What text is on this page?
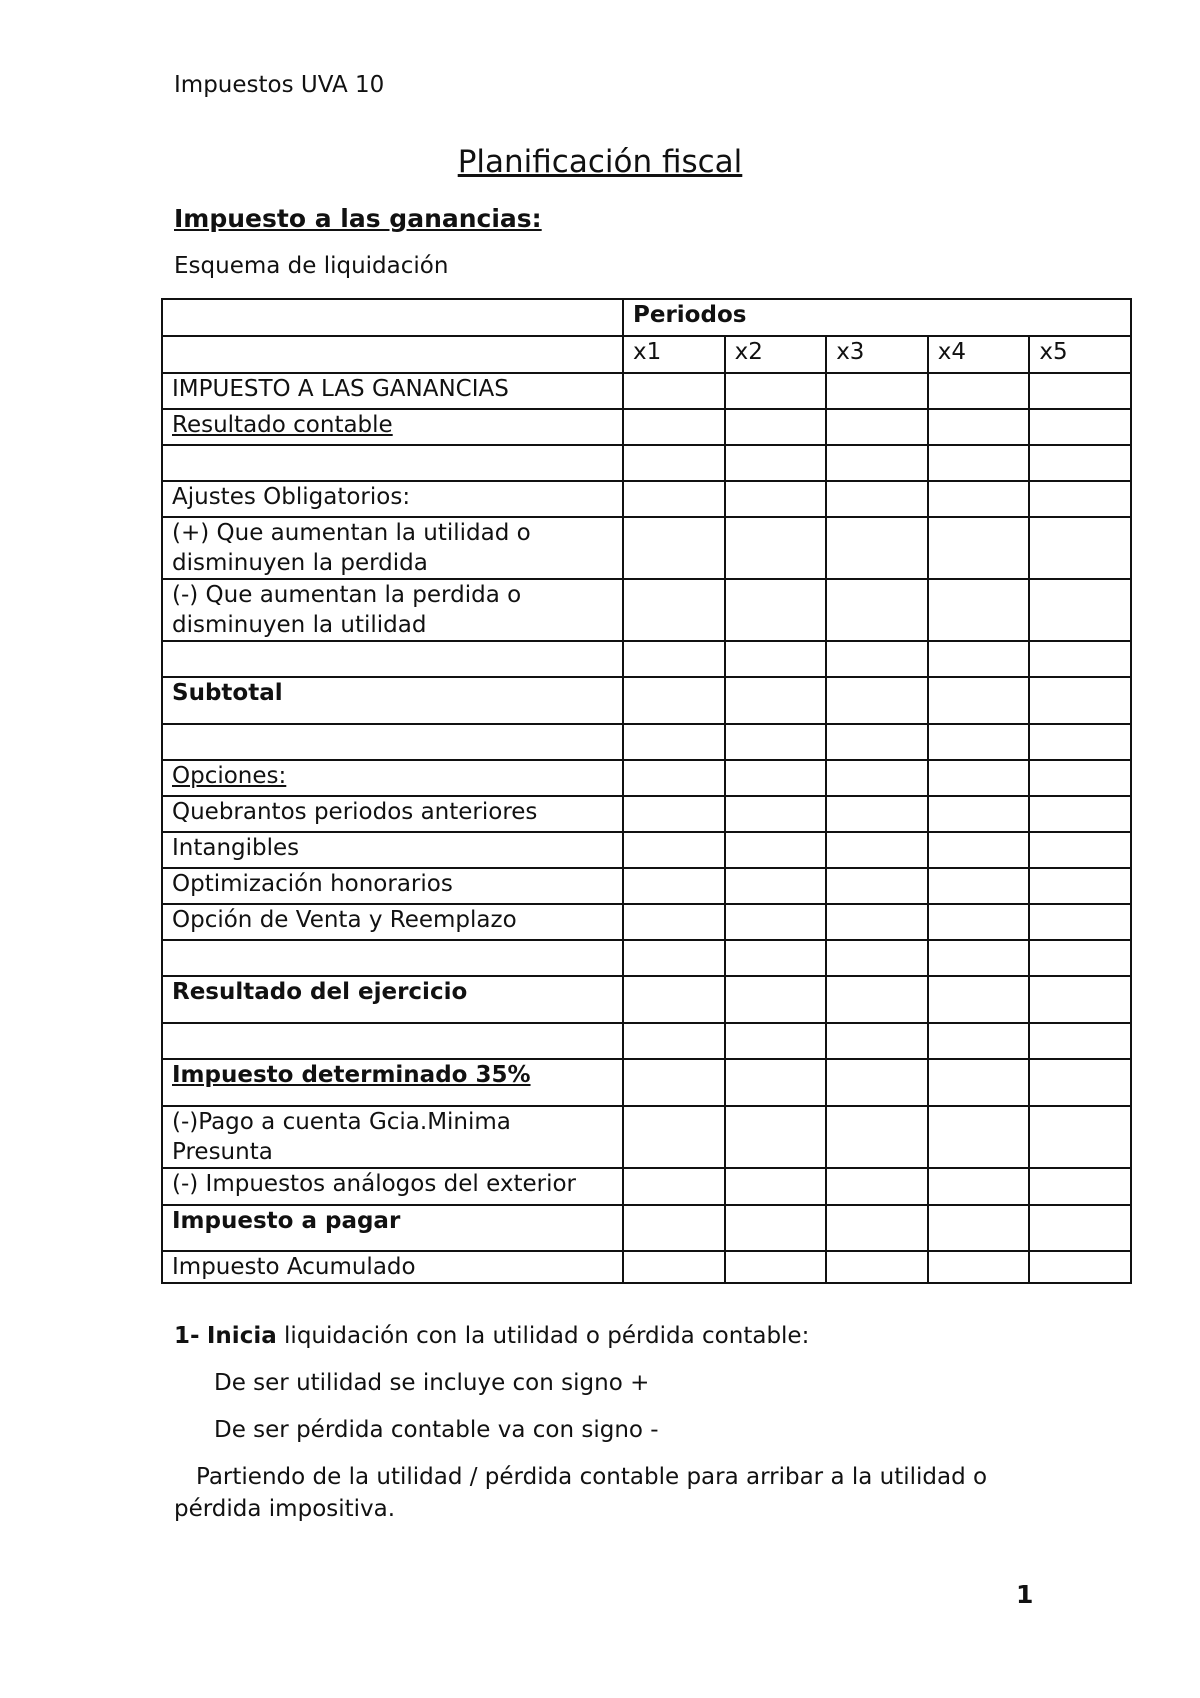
Impuestos UVA 10
Planificación fiscal
Impuesto a las ganancias:
Esquema de liquidación
	Periodos				
	x1	x2	x3	x4	x5
IMPUESTO A LAS GANANCIAS					
Resultado contable					

Ajustes Obligatorios:					
(+) Que aumentan la utilidad o disminuyen la perdida					
(-) Que aumentan la perdida o disminuyen la utilidad					

Subtotal					

Opciones:					
Quebrantos periodos anteriores					
Intangibles					
Optimización honorarios					
Opción de Venta y Reemplazo					

Resultado del ejercicio					

Impuesto determinado 35%					
(-)Pago a cuenta Gcia.Minima Presunta					
(-) Impuestos análogos del exterior					
Impuesto a pagar					
Impuesto Acumulado					
1- Inicia liquidación con la utilidad o pérdida contable:
De ser utilidad se incluye con signo +
De ser pérdida contable va con signo -
Partiendo de la utilidad / pérdida contable para arribar a la utilidad o pérdida impositiva.
1
